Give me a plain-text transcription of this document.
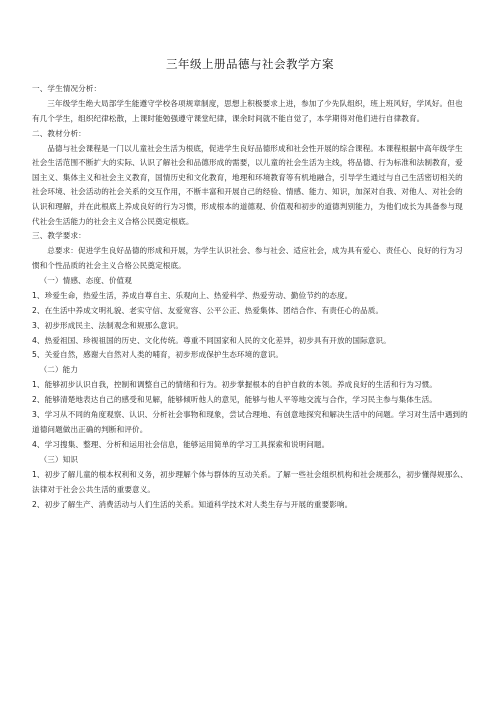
三年级上册品德与社会教学方案

一、学生情况分析：

三年级学生绝大局部学生能遵守学校各项规章制度，思想上积极要求上进，参加了少先队组织，班上班风好，学风好。但也有几个学生，组织纪律松散，上课时能勉强遵守课堂纪律，课余时间就不能自觉了，本学期得对他们进行自律教育。

二、教材分析：

品德与社会课程是一门以儿童社会生活为根底，促进学生良好品德形成和社会性开展的综合课程。本课程根据中高年级学生社会生活范围不断扩大的实际、认识了解社会和品德形成的需要，以儿童的社会生活为主线，将品德、行为标准和法制教育，爱国主义、集体主义和社会主义教育，国情历史和文化教育，地理和环境教育等有机地融合，引导学生通过与自己生活密切相关的社会环境、社会活动的社会关系的交互作用，不断丰富和开展自己的经验、情感、能力、知识，加深对自我、对他人、对社会的认识和理解，并在此根底上养成良好的行为习惯，形成根本的道德观、价值观和初步的道德判别能力，为他们成长为具备参与现代社会生活能力的社会主义合格公民奠定根底。

三、教学要求：

总要求：促进学生良好品德的形成和开展，为学生认识社会、参与社会、适应社会，成为具有爱心、责任心、良好的行为习惯和个性品质的社会主义合格公民奠定根底。

（一）情感、态度、价值观

1、珍爱生命，热爱生活，养成自尊自主、乐观向上、热爱科学、热爱劳动、勤俭节约的态度。

2、在生活中养成文明礼貌、老实守信、友爱宽容、公平公正、热爱集体、团结合作、有责任心的品质。

3、初步形成民主、法制观念和规那么意识。

4、热爱祖国、珍视祖国的历史、文化传统。尊重不同国家和人民的文化差异，初步具有开放的国际意识。

5、关爱自然，感谢大自然对人类的哺育，初步形成保护生态环境的意识。

（二）能力

1、能够初步认识自我，控制和调整自己的情绪和行为。初步掌握根本的自护自救的本领。养成良好的生活和行为习惯。

2、能够清楚地表达自己的感受和见解，能够倾听他人的意见，能够与他人平等地交流与合作，学习民主参与集体生活。

3、学习从不同的角度观察、认识、分析社会事物和现象，尝试合理地、有创意地探究和解决生活中的问题。学习对生活中遇到的道德问题做出正确的判断和评价。

4、学习搜集、整理、分析和运用社会信息，能够运用简单的学习工具探索和说明问题。

（三）知识

1、初步了解儿童的根本权利和义务，初步理解个体与群体的互动关系。了解一些社会组织机构和社会规那么，初步懂得规那么、法律对于社会公共生活的重要意义。

2、初步了解生产、消费活动与人们生活的关系。知道科学技术对人类生存与开展的重要影响。
